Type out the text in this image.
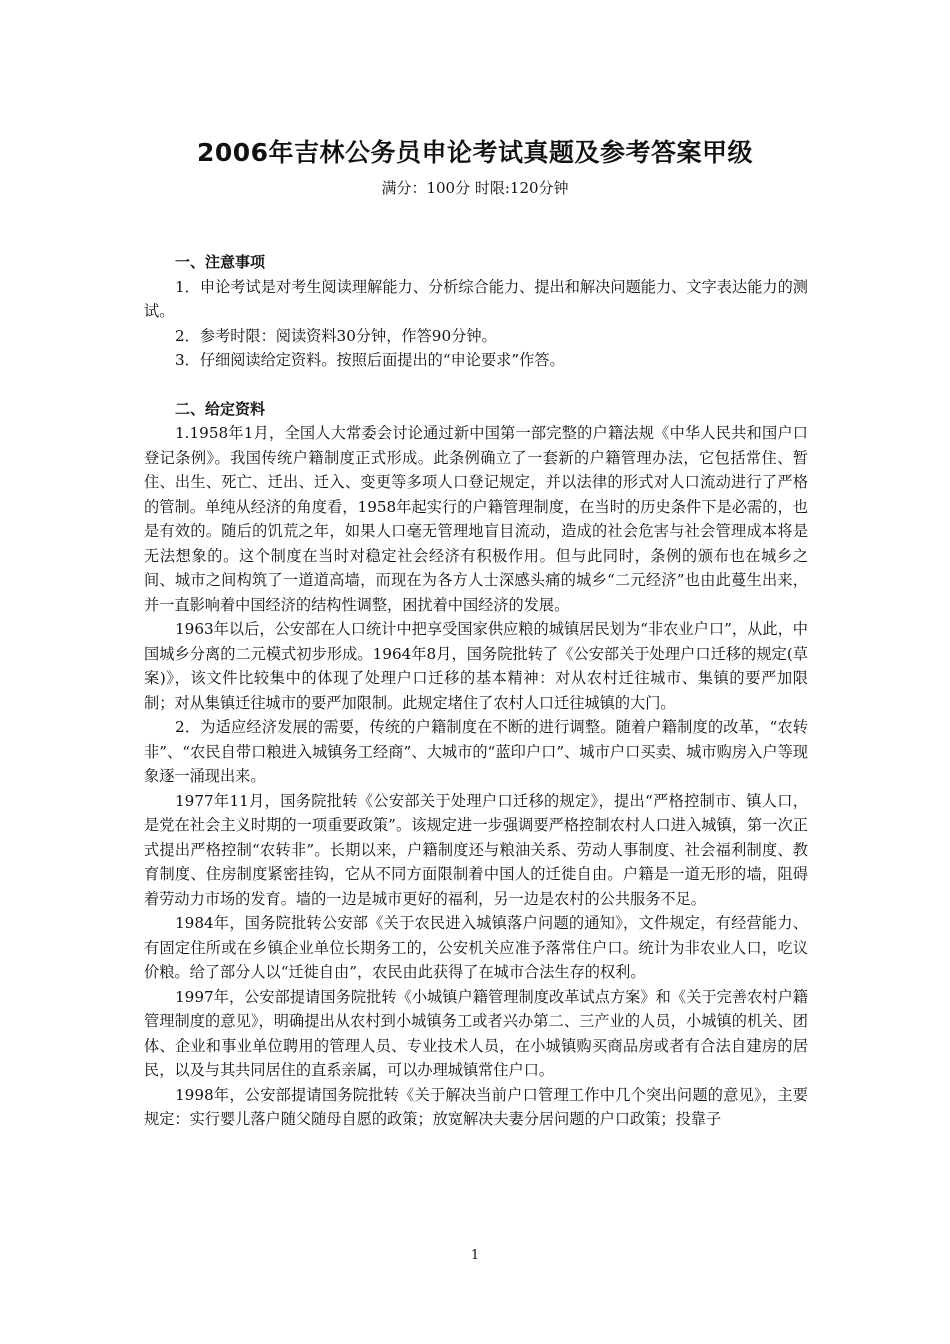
2006年吉林公务员申论考试真题及参考答案甲级

满分：100分 时限:120分钟

一、注意事项

1．申论考试是对考生阅读理解能力、分析综合能力、提出和解决问题能力、文字表达能力的测试。

2．参考时限：阅读资料30分钟，作答90分钟。

3．仔细阅读给定资料。按照后面提出的“申论要求”作答。

二、给定资料

1.1958年1月，全国人大常委会讨论通过新中国第一部完整的户籍法规《中华人民共和国户口登记条例》。我国传统户籍制度正式形成。此条例确立了一套新的户籍管理办法，它包括常住、暂住、出生、死亡、迁出、迁入、变更等多项人口登记规定，并以法律的形式对人口流动进行了严格的管制。单纯从经济的角度看，1958年起实行的户籍管理制度，在当时的历史条件下是必需的，也是有效的。随后的饥荒之年，如果人口毫无管理地盲目流动，造成的社会危害与社会管理成本将是无法想象的。这个制度在当时对稳定社会经济有积极作用。但与此同时，条例的颁布也在城乡之间、城市之间构筑了一道道高墙，而现在为各方人士深感头痛的城乡“二元经济”也由此蔓生出来，并一直影响着中国经济的结构性调整，困扰着中国经济的发展。

1963年以后，公安部在人口统计中把享受国家供应粮的城镇居民划为“非农业户口”，从此，中国城乡分离的二元模式初步形成。1964年8月，国务院批转了《公安部关于处理户口迁移的规定(草案)》，该文件比较集中的体现了处理户口迁移的基本精神：对从农村迁往城市、集镇的要严加限制；对从集镇迁往城市的要严加限制。此规定堵住了农村人口迁往城镇的大门。

2．为适应经济发展的需要，传统的户籍制度在不断的进行调整。随着户籍制度的改革，“农转非”、“农民自带口粮进入城镇务工经商”、大城市的“蓝印户口”、城市户口买卖、城市购房入户等现象逐一涌现出来。

1977年11月，国务院批转《公安部关于处理户口迁移的规定》，提出“严格控制市、镇人口，是党在社会主义时期的一项重要政策”。该规定进一步强调要严格控制农村人口进入城镇，第一次正式提出严格控制“农转非”。长期以来，户籍制度还与粮油关系、劳动人事制度、社会福利制度、教育制度、住房制度紧密挂钩，它从不同方面限制着中国人的迁徙自由。户籍是一道无形的墙，阻碍着劳动力市场的发育。墙的一边是城市更好的福利，另一边是农村的公共服务不足。

1984年，国务院批转公安部《关于农民进入城镇落户问题的通知》，文件规定，有经营能力、有固定住所或在乡镇企业单位长期务工的，公安机关应准予落常住户口。统计为非农业人口，吃议价粮。给了部分人以“迁徙自由”，农民由此获得了在城市合法生存的权利。

1997年，公安部提请国务院批转《小城镇户籍管理制度改革试点方案》和《关于完善农村户籍管理制度的意见》，明确提出从农村到小城镇务工或者兴办第二、三产业的人员，小城镇的机关、团体、企业和事业单位聘用的管理人员、专业技术人员，在小城镇购买商品房或者有合法自建房的居民，以及与其共同居住的直系亲属，可以办理城镇常住户口。

1998年，公安部提请国务院批转《关于解决当前户口管理工作中几个突出问题的意见》，主要规定：实行婴儿落户随父随母自愿的政策；放宽解决夫妻分居问题的户口政策；投靠子

1
